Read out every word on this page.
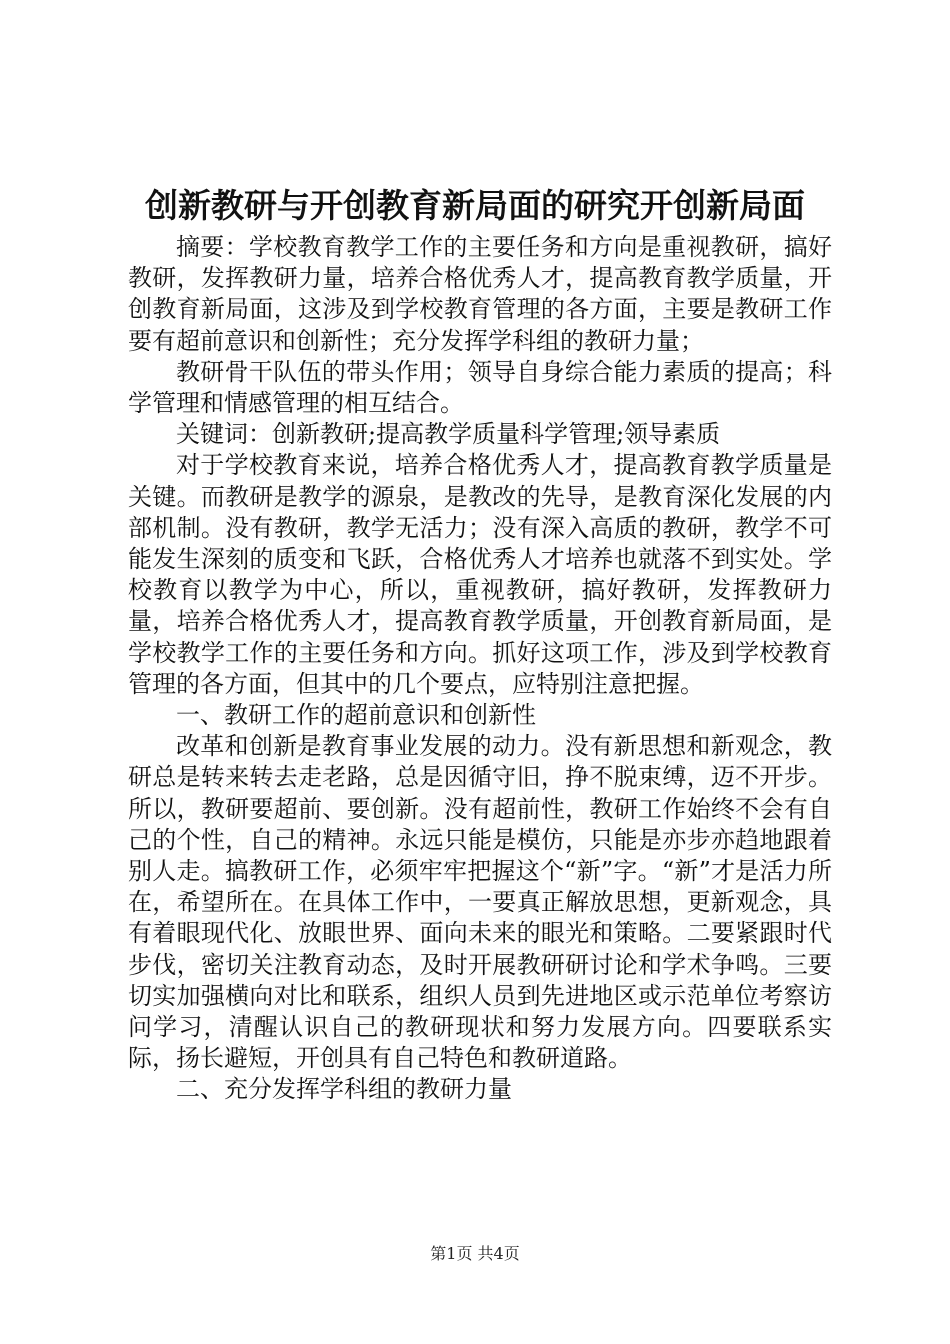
创新教研与开创教育新局面的研究开创新局面

摘要：学校教育教学工作的主要任务和方向是重视教研，搞好教研，发挥教研力量，培养合格优秀人才，提高教育教学质量，开创教育新局面，这涉及到学校教育管理的各方面，主要是教研工作要有超前意识和创新性；充分发挥学科组的教研力量；

教研骨干队伍的带头作用；领导自身综合能力素质的提高；科学管理和情感管理的相互结合。

关键词：创新教研;提高教学质量科学管理;领导素质

对于学校教育来说，培养合格优秀人才，提高教育教学质量是关键。而教研是教学的源泉，是教改的先导，是教育深化发展的内部机制。没有教研，教学无活力；没有深入高质的教研，教学不可能发生深刻的质变和飞跃，合格优秀人才培养也就落不到实处。学校教育以教学为中心，所以，重视教研，搞好教研，发挥教研力量，培养合格优秀人才，提高教育教学质量，开创教育新局面，是学校教学工作的主要任务和方向。抓好这项工作，涉及到学校教育管理的各方面，但其中的几个要点，应特别注意把握。

一、教研工作的超前意识和创新性

改革和创新是教育事业发展的动力。没有新思想和新观念，教研总是转来转去走老路，总是因循守旧，挣不脱束缚，迈不开步。所以，教研要超前、要创新。没有超前性，教研工作始终不会有自己的个性，自己的精神。永远只能是模仿，只能是亦步亦趋地跟着别人走。搞教研工作，必须牢牢把握这个“新”字。“新”才是活力所在，希望所在。在具体工作中，一要真正解放思想，更新观念，具有着眼现代化、放眼世界、面向未来的眼光和策略。二要紧跟时代步伐，密切关注教育动态，及时开展教研研讨论和学术争鸣。三要切实加强横向对比和联系，组织人员到先进地区或示范单位考察访问学习，清醒认识自己的教研现状和努力发展方向。四要联系实际，扬长避短，开创具有自己特色和教研道路。

二、充分发挥学科组的教研力量

第1页 共4页
